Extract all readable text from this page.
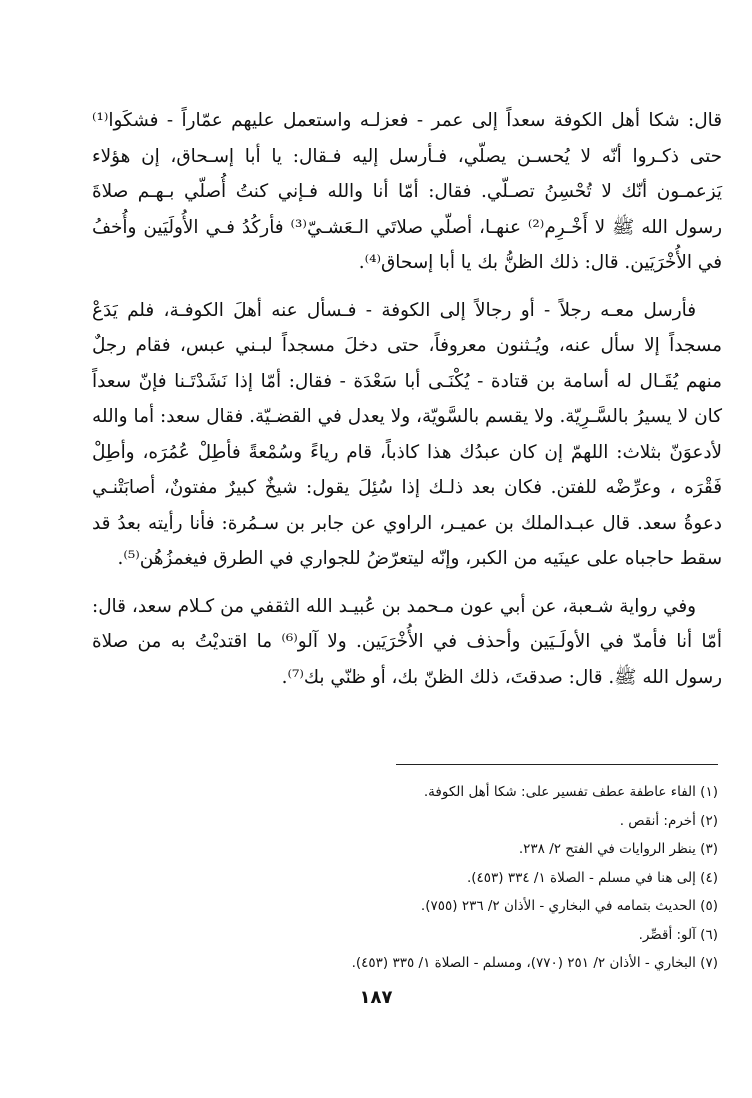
قال: شكا أهل الكوفة سعداً إلى عمر - فعزلـه واستعمل عليهم عمّاراً - فشكَوا⁽¹⁾ حتى ذكـروا أنّه لا يُحسـن يصلّي، فـأرسل إليه فـقال: يا أبا إسـحاق، إن هؤلاء يَزعمـون أنّك لا تُحْسِنُ تصـلّي. فقال: أمّا أنا والله فـإني كنتُ أُصلّي بـهـم صلاةَ رسول الله ﷺ لا أَخْـرِم⁽²⁾ عنهـا، أصلّي صلاتَي الـعَشـيّ⁽³⁾ فأركُدُ فـي الأُولَيَين وأُخفُ في الأُخْرَيَين. قال: ذلك الظنُّ بك يا أبا إسحاق⁽⁴⁾.

فأرسل معـه رجلاً - أو رجالاً إلى الكوفة - فـسأل عنه أهلَ الكوفـة، فلم يَدَعْ مسجداً إلا سأل عنه، ويُـثنون معروفاً، حتى دخلَ مسجداً لبـني عبس، فقام رجلٌ منهم يُقَـال له أسامة بن قتادة - يُكْنَـى أبا سَعْدَة - فقال: أمّا إذا نَشَدْتَـنا فإنّ سعداً كان لا يسيرُ بالسَّـرِيّة. ولا يقسم بالسَّويّة، ولا يعدل في القضـيّة. فقال سعد: أما والله لأدعوَنّ بثلاث: اللهمّ إن كان عبدُك هذا كاذباً، قام رياءً وسُمْعةً فأطِلْ عُمُرَه، وأطِلْ فَقْرَه ، وعرِّضْه للفتن. فكان بعد ذلـك إذا سُئِلَ يقول: شيخٌ كبيرٌ مفتونٌ، أصابَتْنـي دعوةُ سعد. قال عبـدالملك بن عميـر، الراوي عن جابر بن سـمُرة: فأنا رأيته بعدُ قد سقط حاجباه على عينَيه من الكبر، وإنّه ليتعرّضُ للجواري في الطرق فيغمزُهُن⁽⁵⁾.

وفي رواية شـعبة، عن أبي عون مـحمد بن عُبيـد الله الثقفي من كـلام سعد، قال: أمّا أنا فأمدّ في الأولَـيَين وأحذف في الأُخْرَيَين. ولا آلو⁽⁶⁾ ما اقتديْتُ به من صلاة رسول الله ﷺ. قال: صدقتَ، ذلك الظنّ بك، أو ظنّي بك⁽⁷⁾.

(١) الفاء عاطفة عطف تفسير على: شكا أهل الكوفة.
(٢) أخرم: أنقص .
(٣) ينظر الروايات في الفتح ٢/ ٢٣٨.
(٤) إلى هنا في مسلم - الصلاة ١/ ٣٣٤ (٤٥٣).
(٥) الحديث بتمامه في البخاري - الأذان ٢/ ٢٣٦ (٧٥٥).
(٦) آلو: أقصِّر.
(٧) البخاري - الأذان ٢/ ٢٥١ (٧٧٠)، ومسلم - الصلاة ١/ ٣٣٥ (٤٥٣).
١٨٧
